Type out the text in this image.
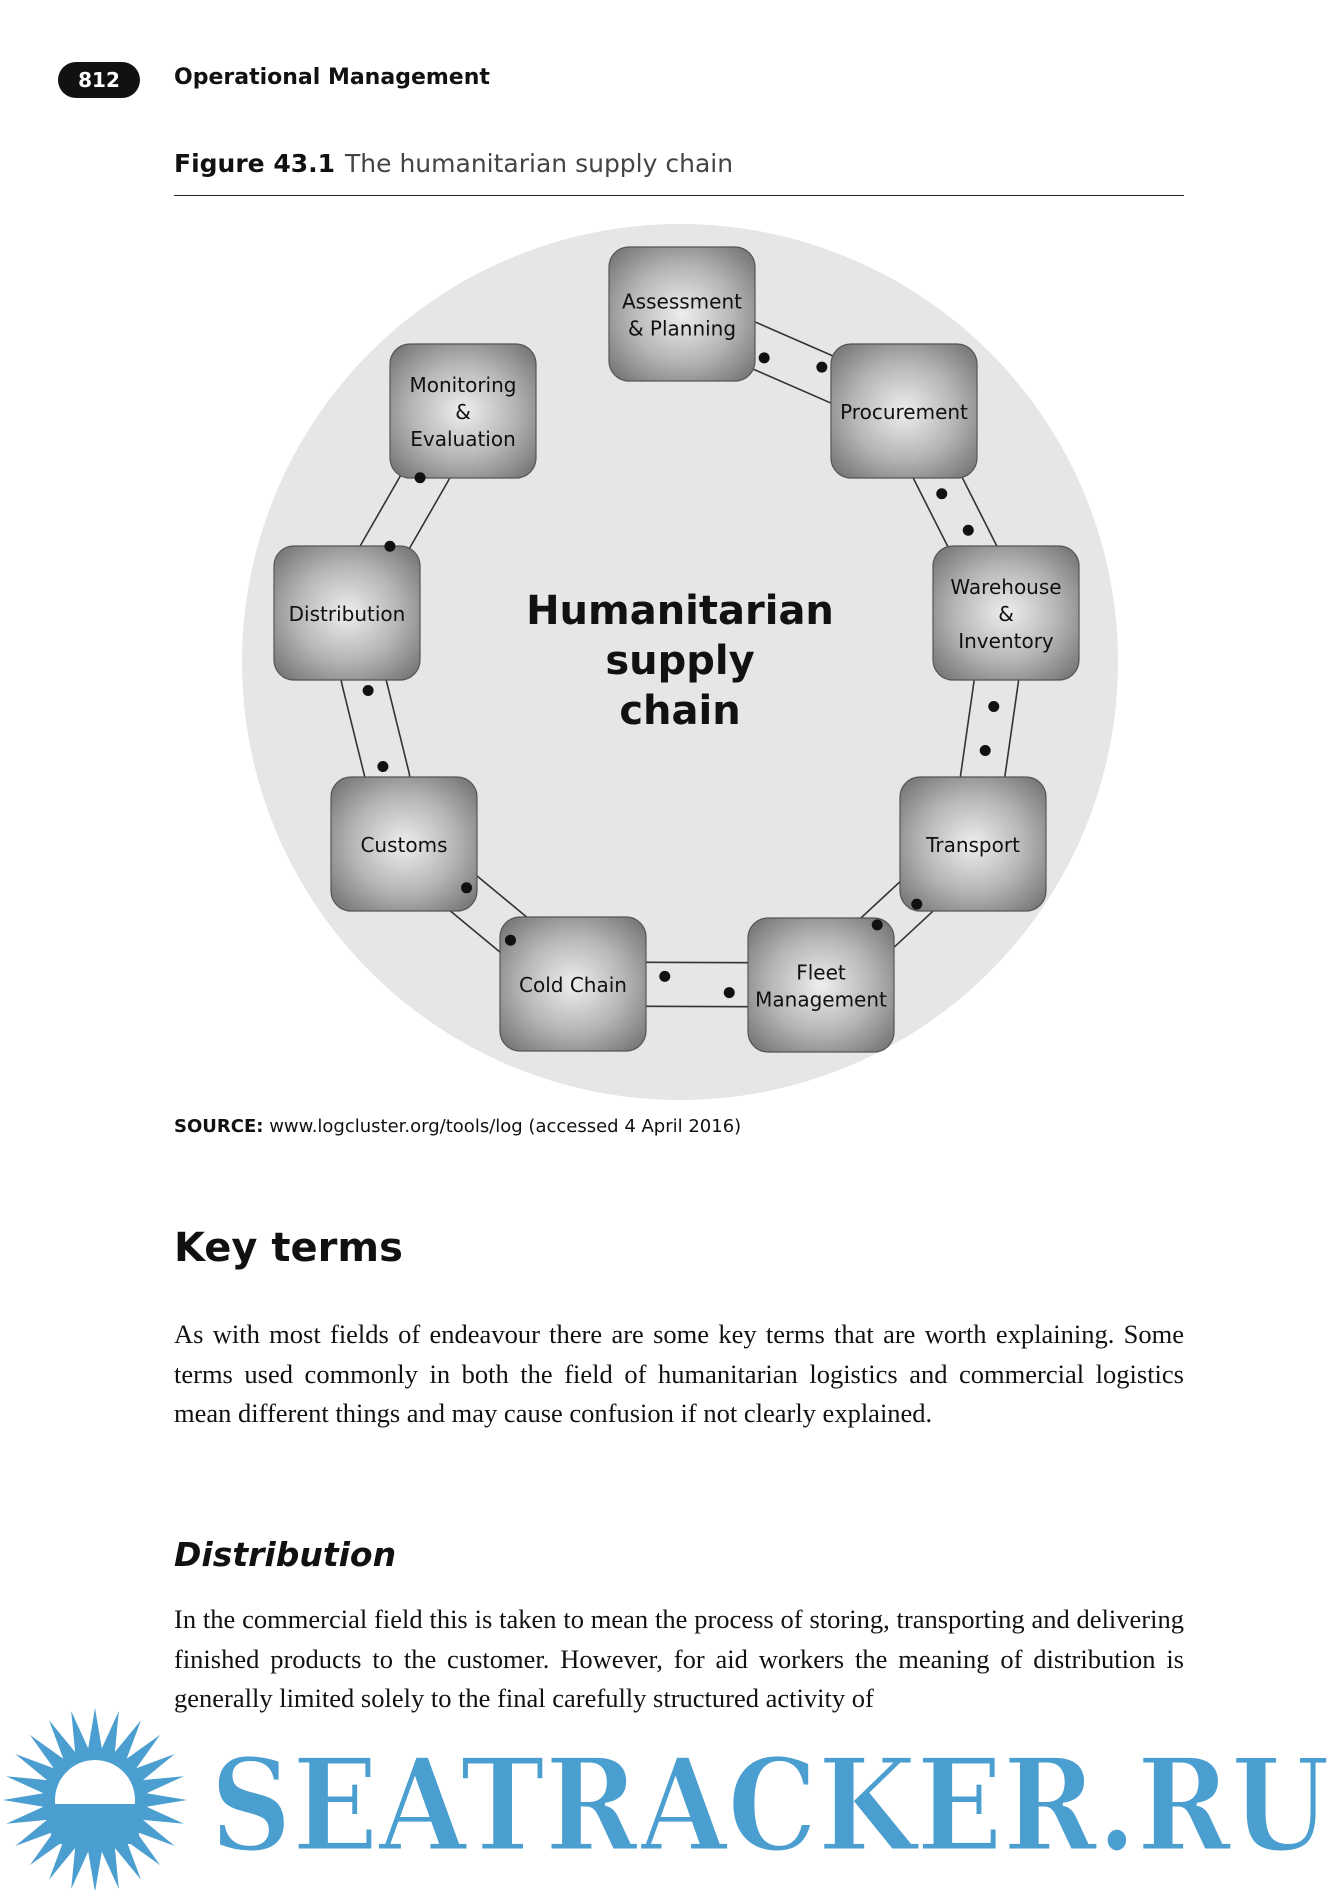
812	Operational Management
Figure 43.1 The humanitarian supply chain
Assessment
& Planning
Procurement
Warehouse
&
Inventory
Transport
Fleet
Management
Cold Chain
Customs
Distribution
Monitoring
&
Evaluation
Humanitarian
supply
chain
SOURCE: www.logcluster.org/tools/log (accessed 4 April 2016)
Key terms

As with most fields of endeavour there are some key terms that are worth explaining. Some terms used commonly in both the field of humanitarian logistics and commercial logistics mean different things and may cause confusion if not clearly explained.

Distribution

In the commercial field this is taken to mean the process of storing, transporting and delivering finished products to the customer. However, for aid workers the meaning of distribution is generally limited solely to the final carefully structured activity of

SEATRACKER.RU
